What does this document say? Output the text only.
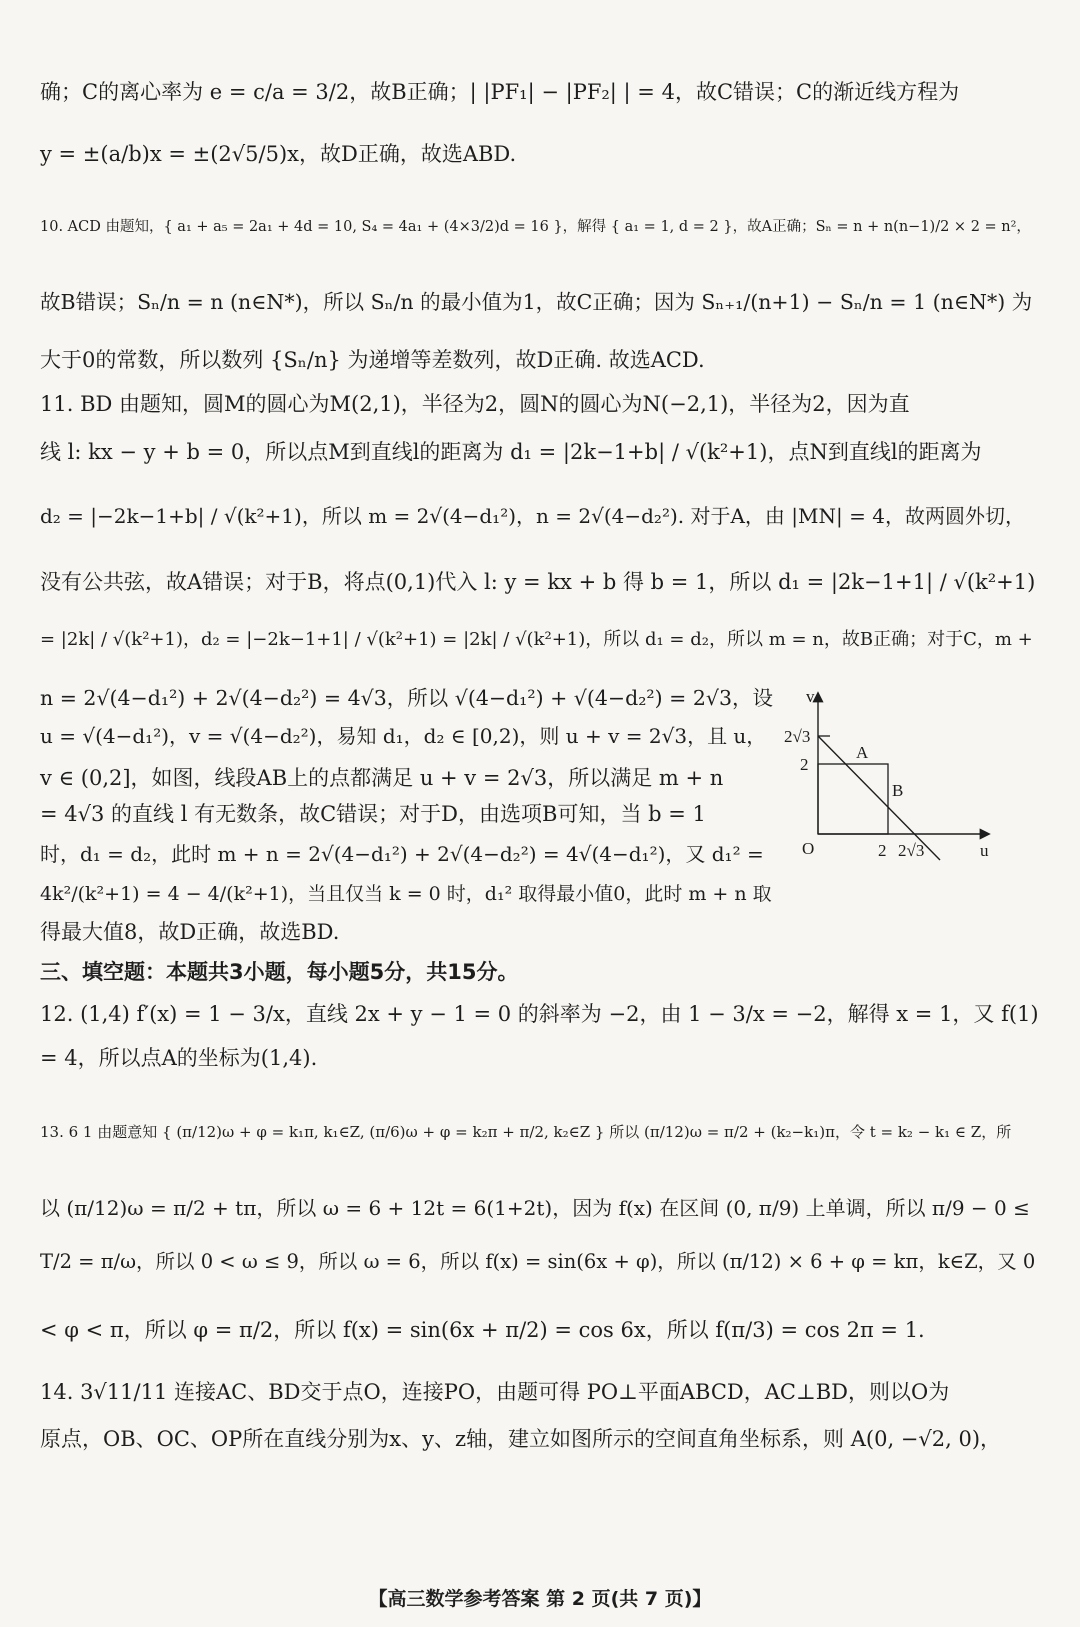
确；C的离心率为 e = c/a = 3/2，故B正确；| |PF₁| − |PF₂| | = 4，故C错误；C的渐近线方程为
y = ±(a/b)x = ±(2√5/5)x，故D正确，故选ABD.
10. ACD 由题知，{ a₁ + a₅ = 2a₁ + 4d = 10, S₄ = 4a₁ + (4×3/2)d = 16 }，解得 { a₁ = 1, d = 2 }，故A正确；Sₙ = n + n(n−1)/2 × 2 = n²，
故B错误；Sₙ/n = n (n∈N*)，所以 Sₙ/n 的最小值为1，故C正确；因为 Sₙ₊₁/(n+1) − Sₙ/n = 1 (n∈N*) 为
大于0的常数，所以数列 {Sₙ/n} 为递增等差数列，故D正确. 故选ACD.
11. BD 由题知，圆M的圆心为M(2,1)，半径为2，圆N的圆心为N(−2,1)，半径为2，因为直
线 l: kx − y + b = 0，所以点M到直线l的距离为 d₁ = |2k−1+b| / √(k²+1)，点N到直线l的距离为
d₂ = |−2k−1+b| / √(k²+1)，所以 m = 2√(4−d₁²)，n = 2√(4−d₂²). 对于A，由 |MN| = 4，故两圆外切，
没有公共弦，故A错误；对于B，将点(0,1)代入 l: y = kx + b 得 b = 1，所以 d₁ = |2k−1+1| / √(k²+1)
= |2k| / √(k²+1)，d₂ = |−2k−1+1| / √(k²+1) = |2k| / √(k²+1)，所以 d₁ = d₂，所以 m = n，故B正确；对于C，m +
n = 2√(4−d₁²) + 2√(4−d₂²) = 4√3，所以 √(4−d₁²) + √(4−d₂²) = 2√3，设
u = √(4−d₁²)，v = √(4−d₂²)，易知 d₁，d₂ ∈ [0,2)，则 u + v = 2√3，且 u，
v ∈ (0,2]，如图，线段AB上的点都满足 u + v = 2√3，所以满足 m + n
= 4√3 的直线 l 有无数条，故C错误；对于D，由选项B可知，当 b = 1
时，d₁ = d₂，此时 m + n = 2√(4−d₁²) + 2√(4−d₂²) = 4√(4−d₁²)，又 d₁² =
4k²/(k²+1) = 4 − 4/(k²+1)，当且仅当 k = 0 时，d₁² 取得最小值0，此时 m + n 取
得最大值8，故D正确，故选BD.
三、填空题：本题共3小题，每小题5分，共15分。
12. (1,4) f′(x) = 1 − 3/x，直线 2x + y − 1 = 0 的斜率为 −2，由 1 − 3/x = −2，解得 x = 1，又 f(1)
= 4，所以点A的坐标为(1,4).
13. 6 1 由题意知 { (π/12)ω + φ = k₁π, k₁∈Z, (π/6)ω + φ = k₂π + π/2, k₂∈Z } 所以 (π/12)ω = π/2 + (k₂−k₁)π，令 t = k₂ − k₁ ∈ Z，所
以 (π/12)ω = π/2 + tπ，所以 ω = 6 + 12t = 6(1+2t)，因为 f(x) 在区间 (0, π/9) 上单调，所以 π/9 − 0 ≤
T/2 = π/ω，所以 0 < ω ≤ 9，所以 ω = 6，所以 f(x) = sin(6x + φ)，所以 (π/12) × 6 + φ = kπ，k∈Z，又 0
< φ < π，所以 φ = π/2，所以 f(x) = sin(6x + π/2) = cos 6x，所以 f(π/3) = cos 2π = 1.
14. 3√11/11 连接AC、BD交于点O，连接PO，由题可得 PO⊥平面ABCD，AC⊥BD，则以O为
原点，OB、OC、OP所在直线分别为x、y、z轴，建立如图所示的空间直角坐标系，则 A(0, −√2, 0)，
v
u
O	2 2√3
2
2√3
A
B
【高三数学参考答案 第 2 页(共 7 页)】
